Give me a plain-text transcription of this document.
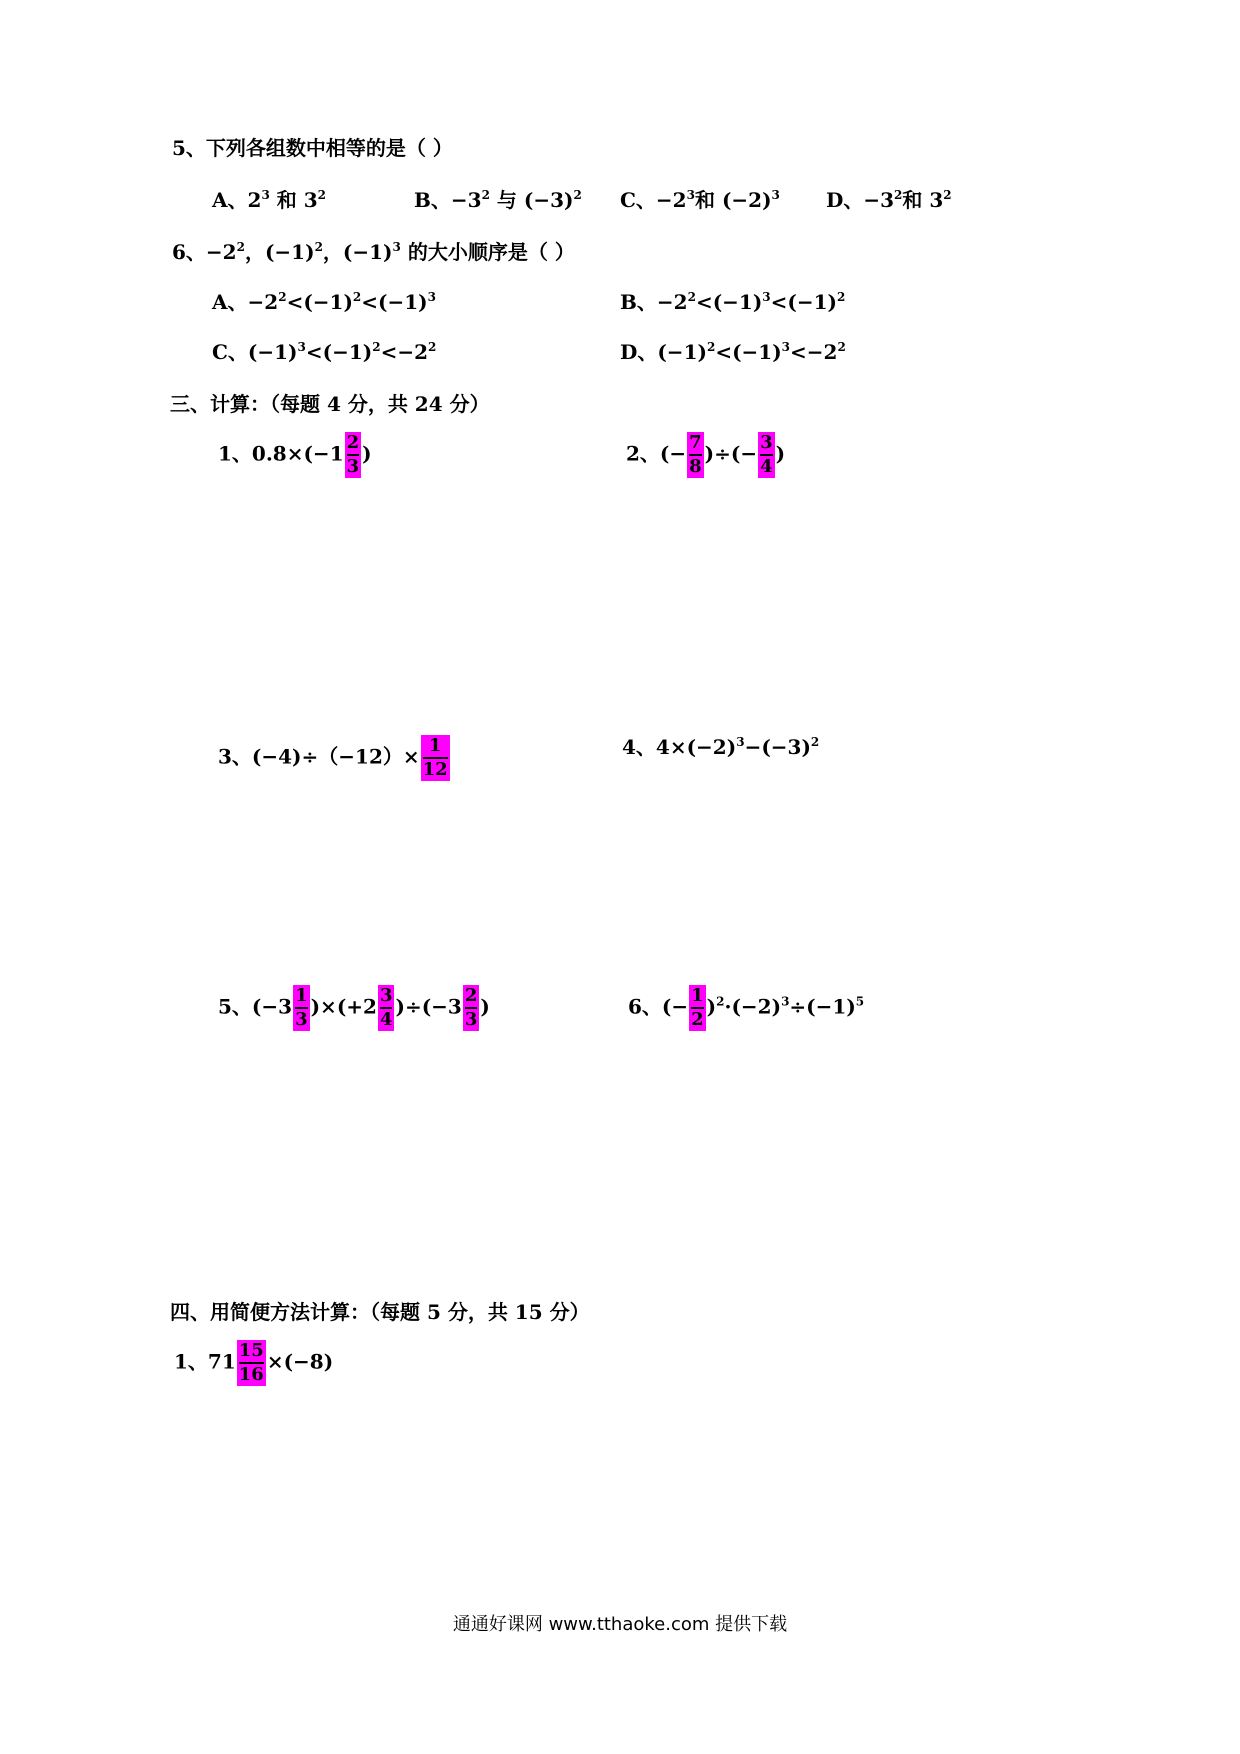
5、下列各组数中相等的是（ ）
A、$2^3$ 和 $3^2$	B、$-3^2$ 与 $(-3)^2$ C、$-2^3$和 $(-2)^3$ D、$-3^2$和 $3^2$
6、$-2^2$，$(-1)^2$，$(-1)^3$ 的大小顺序是（ ）
A、$-2^2<(-1)^2<(-1)^3$	B、$-2^2<(-1)^3<(-1)^2$
C、$(-1)^3<(-1)^2<-2^2$	D、$(-1)^2<(-1)^3<-2^2$
三、计算：（每题 4 分，共 24 分）
1、$0.8\times(-1 \frac{2}{3}$ )	2、(− $\frac{7}{8}$ )÷(− $\frac{3}{4}$ )
3、$(-4)\div(-12)\times \frac{1}{12}$	4、$4\times(-2)^3-(-3)^2$
5、$(-3 \frac{1}{3} )\times(+2 \frac{3}{4} )\div(-3 \frac{2}{3}$ )	6、(− $\frac{1}{2} )^2\cdot(-2)^3\div(-1)^5$
四、用简便方法计算：（每题 5 分，共 15 分）
1、$71 \frac{15}{16} \times(-8)$
通通好课网 www.tthaoke.com 提供下载
